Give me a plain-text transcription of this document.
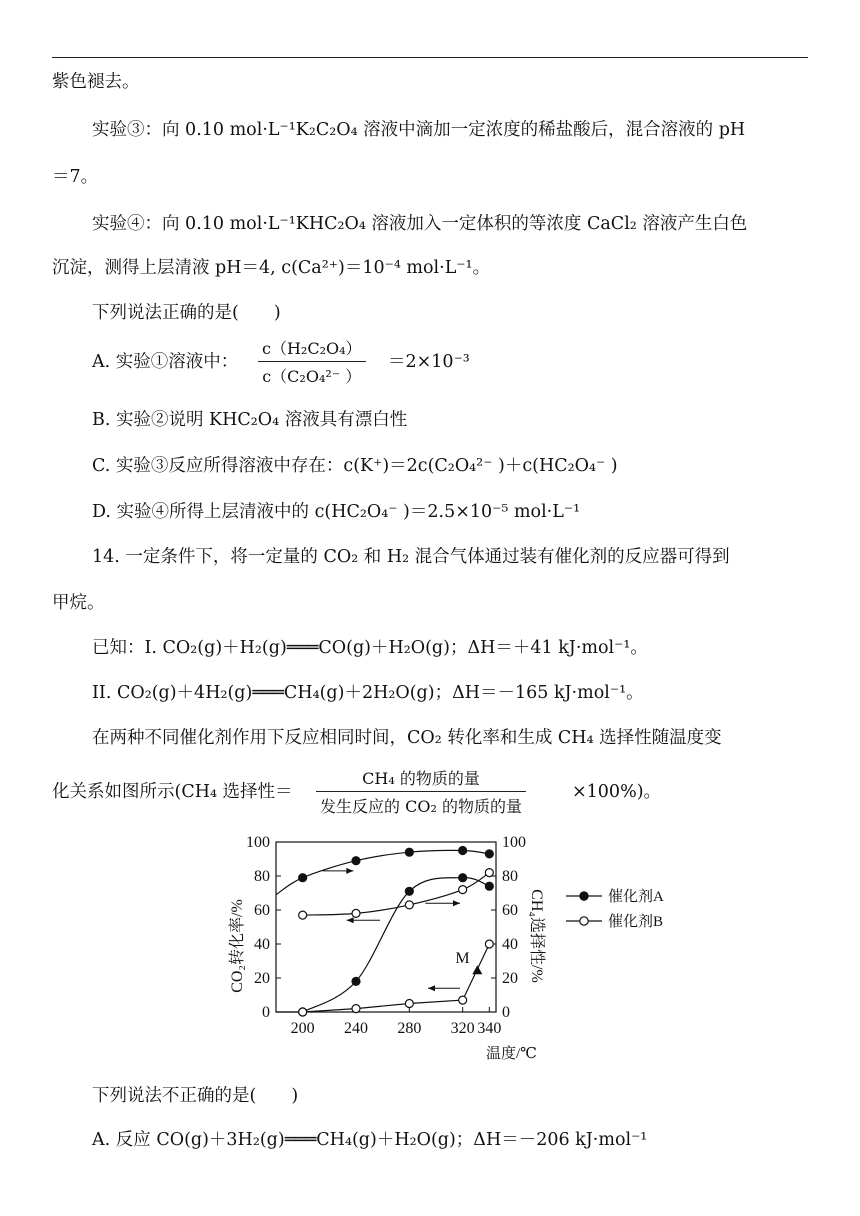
紫色褪去。
实验③：向 0.10 mol·L⁻¹K₂C₂O₄ 溶液中滴加一定浓度的稀盐酸后，混合溶液的 pH
＝7。
实验④：向 0.10 mol·L⁻¹KHC₂O₄ 溶液加入一定体积的等浓度 CaCl₂ 溶液产生白色
沉淀，测得上层清液 pH＝4, c(Ca²⁺)＝10⁻⁴ mol·L⁻¹。
下列说法正确的是(　　)
A. 实验①溶液中：
c（H₂C₂O₄）
c（C₂O₄²⁻ ）
＝2×10⁻³
B. 实验②说明 KHC₂O₄ 溶液具有漂白性
C. 实验③反应所得溶液中存在：c(K⁺)＝2c(C₂O₄²⁻ )＋c(HC₂O₄⁻ )
D. 实验④所得上层清液中的 c(HC₂O₄⁻ )＝2.5×10⁻⁵ mol·L⁻¹
14. 一定条件下，将一定量的 CO₂ 和 H₂ 混合气体通过装有催化剂的反应器可得到
甲烷。
已知：I. CO₂(g)＋H₂(g)═══CO(g)＋H₂O(g)；ΔH＝＋41 kJ·mol⁻¹。
II. CO₂(g)＋4H₂(g)═══CH₄(g)＋2H₂O(g)；ΔH＝－165 kJ·mol⁻¹。
在两种不同催化剂作用下反应相同时间，CO₂ 转化率和生成 CH₄ 选择性随温度变
化关系如图所示(CH₄ 选择性＝
CH₄ 的物质的量
发生反应的 CO₂ 的物质的量
×100%)。
0	0
20	20
40	40
60	60
80	80
100	100
200 240 280 320 340
温度/℃
CO₂转化率/%	CH₄选择性/%
M
催化剂A
催化剂B
下列说法不正确的是(　　)
A. 反应 CO(g)＋3H₂(g)═══CH₄(g)＋H₂O(g)；ΔH＝－206 kJ·mol⁻¹
